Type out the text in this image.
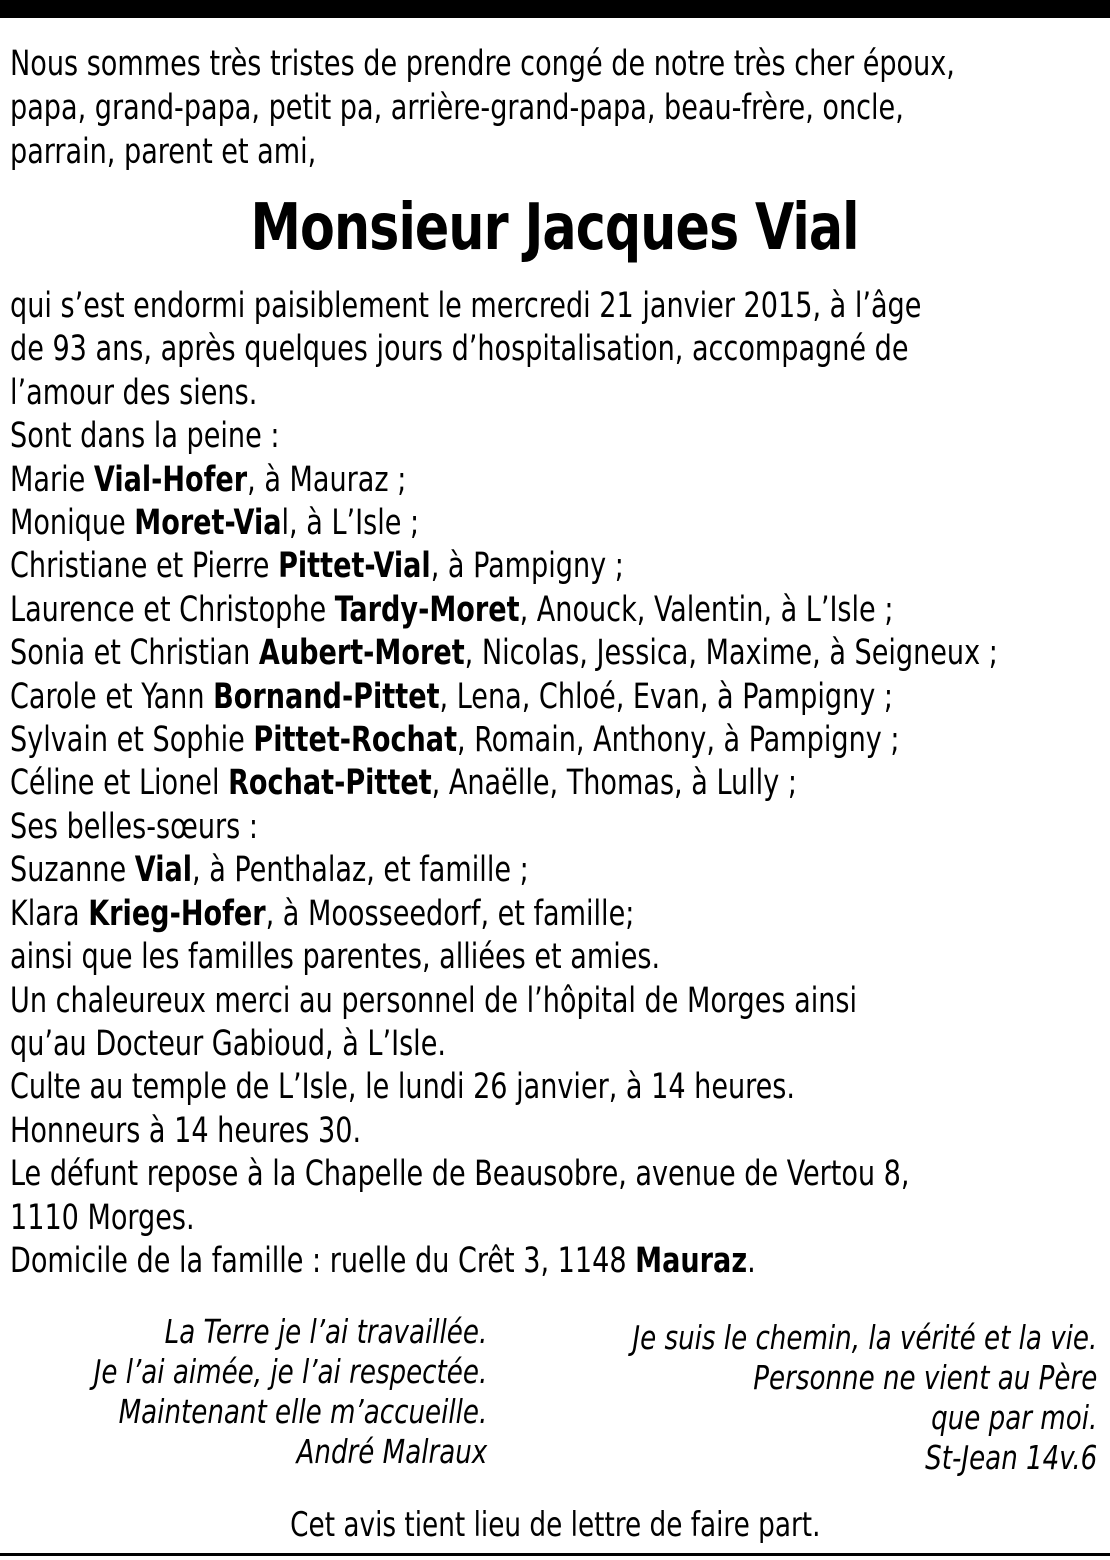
Nous sommes très tristes de prendre congé de notre très cher époux,

papa, grand-papa, petit pa, arrière-grand-papa, beau-frère, oncle,

parrain, parent et ami,

Monsieur Jacques Vial

qui s’est endormi paisiblement le mercredi 21 janvier 2015, à l’âge

de 93 ans, après quelques jours d’hospitalisation, accompagné de

l’amour des siens.

Sont dans la peine :

Marie Vial-Hofer, à Mauraz ;

Monique Moret-Vial, à L’Isle ;

Christiane et Pierre Pittet-Vial, à Pampigny ;

Laurence et Christophe Tardy-Moret, Anouck, Valentin, à L’Isle ;

Sonia et Christian Aubert-Moret, Nicolas, Jessica, Maxime, à Seigneux ;

Carole et Yann Bornand-Pittet, Lena, Chloé, Evan, à Pampigny ;

Sylvain et Sophie Pittet-Rochat, Romain, Anthony, à Pampigny ;

Céline et Lionel Rochat-Pittet, Anaëlle, Thomas, à Lully ;

Ses belles-sœurs :

Suzanne Vial, à Penthalaz, et famille ;

Klara Krieg-Hofer, à Moosseedorf, et famille;

ainsi que les familles parentes, alliées et amies.

Un chaleureux merci au personnel de l’hôpital de Morges ainsi

qu’au Docteur Gabioud, à L’Isle.

Culte au temple de L’Isle, le lundi 26 janvier, à 14 heures.

Honneurs à 14 heures 30.

Le défunt repose à la Chapelle de Beausobre, avenue de Vertou 8,

1110 Morges.

Domicile de la famille : ruelle du Crêt 3, 1148 Mauraz.

La Terre je l’ai travaillée.

Je l’ai aimée, je l’ai respectée.

Maintenant elle m’accueille.

André Malraux

Je suis le chemin, la vérité et la vie.

Personne ne vient au Père

que par moi.

St-Jean 14v.6

Cet avis tient lieu de lettre de faire part.
